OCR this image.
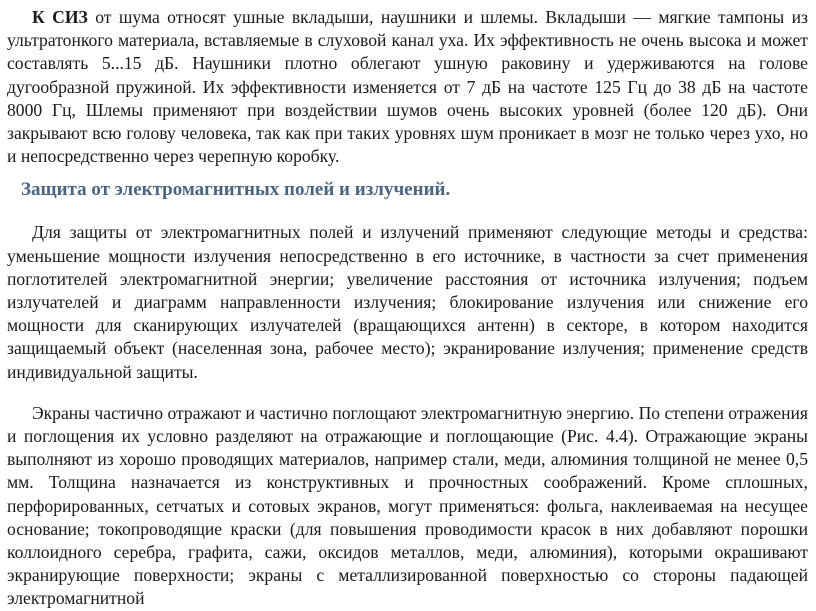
К СИЗ от шума относят ушные вкладыши, наушники и шлемы. Вкладыши — мягкие тампоны из ультратонкого материала, вставляемые в слуховой канал уха. Их эффективность не очень высока и может составлять 5...15 дБ. Наушники плотно облегают ушную раковину и удерживаются на голове дугообразной пружиной. Их эффективности изменяется от 7 дБ на частоте 125 Гц до 38 дБ на частоте 8000 Гц, Шлемы применяют при воздействии шумов очень высоких уровней (более 120 дБ). Они закрывают всю голову человека, так как при таких уровнях шум проникает в мозг не только через ухо, но и непосредственно через черепную коробку.

Защита от электромагнитных полей и излучений.

Для защиты от электромагнитных полей и излучений применяют следующие методы и средства: уменьшение мощности излучения непосредственно в его источнике, в частности за счет применения поглотителей электромагнитной энергии; увеличение расстояния от источника излучения; подъем излучателей и диаграмм направленности излучения; блокирование излучения или снижение его мощности для сканирующих излучателей (вращающихся антенн) в секторе, в котором находится защищаемый объект (населенная зона, рабочее место); экранирование излучения; применение средств индивидуальной защиты.

Экраны частично отражают и частично поглощают электромагнитную энергию. По степени отражения и поглощения их условно разделяют на отражающие и поглощающие (Рис. 4.4). Отражающие экраны выполняют из хорошо проводящих материалов, например стали, меди, алюминия толщиной не менее 0,5 мм. Толщина назначается из конструктивных и прочностных соображений. Кроме сплошных, перфорированных, сетчатых и сотовых экранов, могут применяться: фольга, наклеиваемая на несущее основание; токопроводящие краски (для повышения проводимости красок в них добавляют порошки коллоидного серебра, графита, сажи, оксидов металлов, меди, алюминия), которыми окрашивают экранирующие поверхности; экраны с металлизированной поверхностью со стороны падающей электромагнитной
